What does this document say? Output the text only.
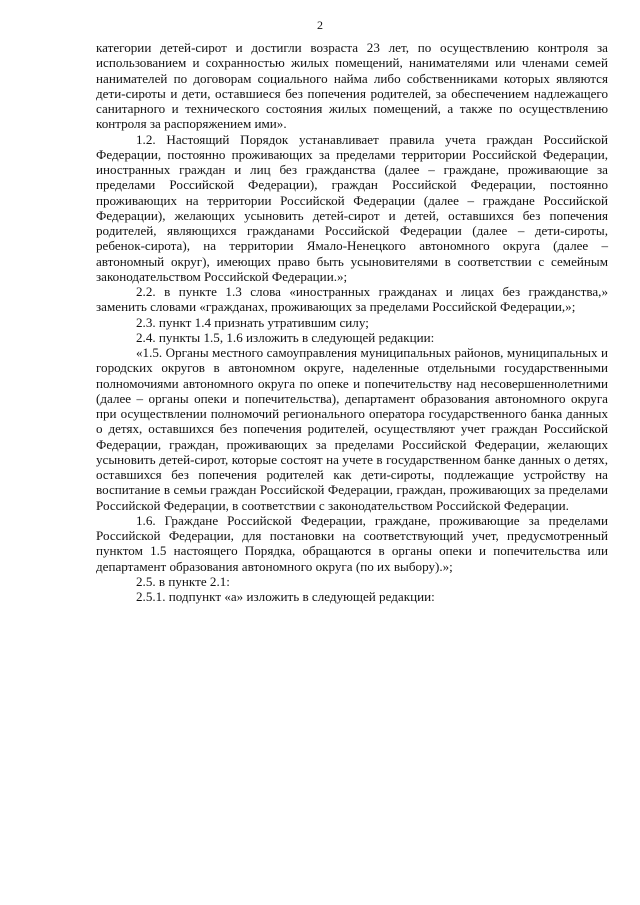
2

категории детей-сирот и достигли возраста 23 лет, по осуществлению контроля за использованием и сохранностью жилых помещений, нанимателями или членами семей нанимателей по договорам социального найма либо собственниками которых являются дети-сироты и дети, оставшиеся без попечения родителей, за обеспечением надлежащего санитарного и технического состояния жилых помещений, а также по осуществлению контроля за распоряжением ими».

1.2. Настоящий Порядок устанавливает правила учета граждан Российской Федерации, постоянно проживающих за пределами территории Российской Федерации, иностранных граждан и лиц без гражданства (далее – граждане, проживающие за пределами Российской Федерации), граждан Российской Федерации, постоянно проживающих на территории Российской Федерации (далее – граждане Российской Федерации), желающих усыновить детей-сирот и детей, оставшихся без попечения родителей, являющихся гражданами Российской Федерации (далее – дети-сироты, ребенок-сирота), на территории Ямало-Ненецкого автономного округа (далее – автономный округ), имеющих право быть усыновителями в соответствии с семейным законодательством Российской Федерации.»;

2.2. в пункте 1.3 слова «иностранных гражданах и лицах без гражданства,» заменить словами «гражданах, проживающих за пределами Российской Федерации,»;

2.3. пункт 1.4 признать утратившим силу;

2.4. пункты 1.5, 1.6 изложить в следующей редакции:

«1.5. Органы местного самоуправления муниципальных районов, муниципальных и городских округов в автономном округе, наделенные отдельными государственными полномочиями автономного округа по опеке и попечительству над несовершеннолетними (далее – органы опеки и попечительства), департамент образования автономного округа при осуществлении полномочий регионального оператора государственного банка данных о детях, оставшихся без попечения родителей, осуществляют учет граждан Российской Федерации, граждан, проживающих за пределами Российской Федерации, желающих усыновить детей-сирот, которые состоят на учете в государственном банке данных о детях, оставшихся без попечения родителей как дети-сироты, подлежащие устройству на воспитание в семьи граждан Российской Федерации, граждан, проживающих за пределами Российской Федерации, в соответствии с законодательством Российской Федерации.

1.6. Граждане Российской Федерации, граждане, проживающие за пределами Российской Федерации, для постановки на соответствующий учет, предусмотренный пунктом 1.5 настоящего Порядка, обращаются в органы опеки и попечительства или департамент образования автономного округа (по их выбору).»;

2.5. в пункте 2.1:

2.5.1. подпункт «а» изложить в следующей редакции:
